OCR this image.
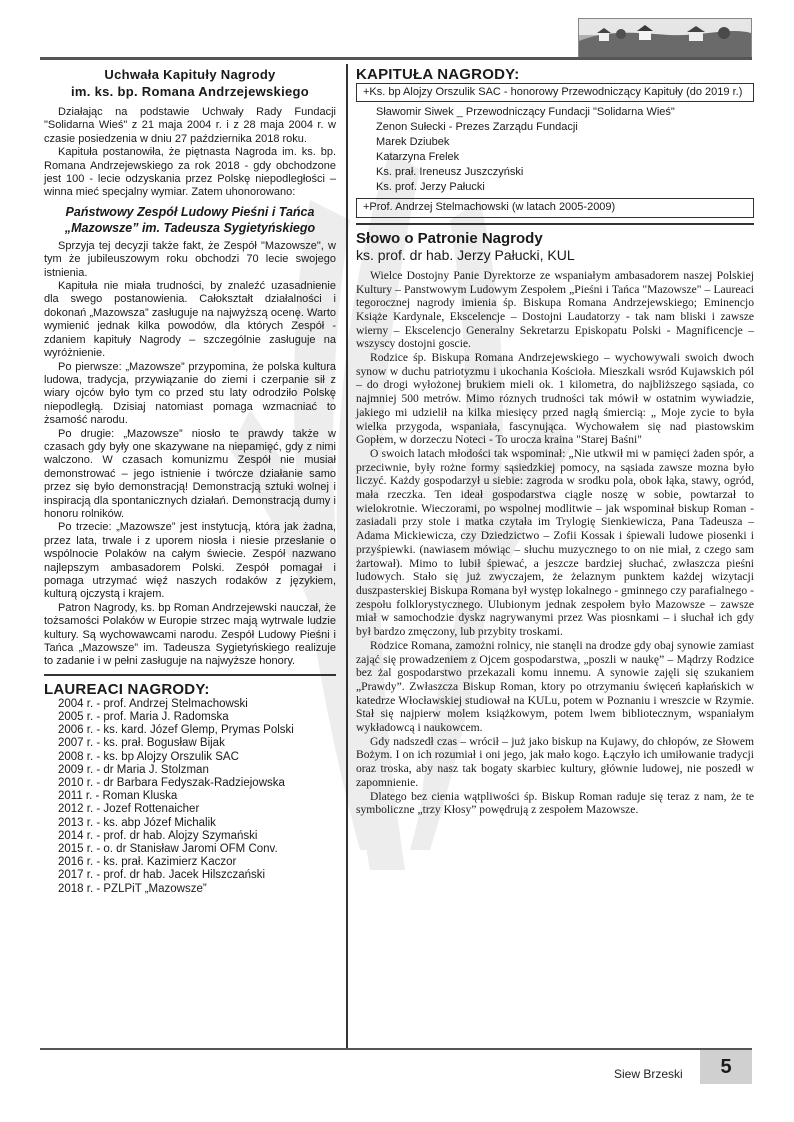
Uchwała Kapituły Nagrody
im. ks. bp. Romana Andrzejewskiego

Działając na podstawie Uchwały Rady Fundacji "Solidarna Wieś" z 21 maja 2004 r. i z 28 maja 2004 r. w czasie posiedzenia w dniu 27 października 2018 roku.

Kapituła postanowiła, że piętnasta Nagroda im. ks. bp. Romana Andrzejewskiego za rok 2018 - gdy obchodzone jest 100 - lecie odzyskania przez Polskę niepodległości – winna mieć specjalny wymiar. Zatem uhonorowano:

Państwowy Zespół Ludowy Pieśni i Tańca
„Mazowsze” im. Tadeusza Sygietyńskiego

Sprzyja tej decyzji także fakt, że Zespół "Mazowsze", w tym że jubileuszowym roku obchodzi 70 lecie swojego istnienia.

Kapituła nie miała trudności, by znaleźć uzasadnienie dla swego postanowienia. Całokształt działalności i dokonań „Mazowsza” zasługuje na najwyższą ocenę. Warto wymienić jednak kilka powodów, dla których Zespół - zdaniem kapituły Nagrody – szczególnie zasługuje na wyróżnienie.

Po pierwsze: „Mazowsze” przypomina, że polska kultura ludowa, tradycja, przywiązanie do ziemi i czerpanie sił z wiary ojców było tym co przed stu laty odrodziło Polskę niepodległą. Dzisiaj natomiast pomaga wzmacniać to żsamość narodu.

Po drugie: „Mazowsze” niosło te prawdy także w czasach gdy były one skazywane na niepamięć, gdy z nimi walczono. W czasach komunizmu Zespół nie musiał demonstrować – jego istnienie i twórcze działanie samo przez się było demonstracją! Demonstracją sztuki wolnej i inspiracją dla spontanicznych działań. Demonstracją dumy i honoru rolników.

Po trzecie: „Mazowsze” jest instytucją, która jak żadna, przez lata, trwale i z uporem niosła i niesie przesłanie o wspólnocie Polaków na całym świecie. Zespół nazwano najlepszym ambasadorem Polski. Zespół pomagał i pomaga utrzymać więź naszych rodaków z językiem, kulturą ojczystą i krajem.

Patron Nagrody, ks. bp Roman Andrzejewski nauczał, że tożsamości Polaków w Europie strzec mają wytrwale ludzie kultury. Są wychowawcami narodu. Zespół Ludowy Pieśni i Tańca „Mazowsze” im. Tadeusza Sygietyńskiego realizuje to zadanie i w pełni zasługuje na najwyższe honory.

LAUREACI NAGRODY:
2004 r. - prof. Andrzej Stelmachowski
2005 r. - prof. Maria J. Radomska
2006 r. - ks. kard. Józef Glemp, Prymas Polski
2007 r. - ks. prał. Bogusław Bijak
2008 r. - ks. bp Alojzy Orszulik SAC
2009 r. - dr Maria J. Stolzman
2010 r. - dr Barbara Fedyszak-Radziejowska
2011 r. - Roman Kluska
2012 r. - Jozef Rottenaicher
2013 r. - ks. abp Józef Michalik
2014 r. - prof. dr hab. Alojzy Szymański
2015 r. - o. dr Stanisław Jaromi OFM Conv.
2016 r. - ks. prał. Kazimierz Kaczor
2017 r. - prof. dr hab. Jacek Hilszczański
2018 r. - PZLPiT „Mazowsze”
KAPITUŁA NAGRODY:
+Ks. bp Alojzy Orszulik SAC - honorowy Przewodniczący Kapituły (do 2019 r.)
Sławomir Siwek _ Przewodniczący Fundacji "Solidarna Wieś"
Zenon Sułecki - Prezes Zarządu Fundacji
Marek Dziubek
Katarzyna Frelek
Ks. prał. Ireneusz Juszczyński
Ks. prof. Jerzy Pałucki
+Prof. Andrzej Stelmachowski (w latach 2005-2009)
Słowo o Patronie Nagrody
ks. prof. dr hab. Jerzy Pałucki, KUL

Wielce Dostojny Panie Dyrektorze ze wspaniałym ambasadorem naszej Polskiej Kultury – Panstwowym Ludowym Zespołem „Pieśni i Tańca "Mazowsze" – Laureaci tegorocznej nagrody imienia śp. Biskupa Romana Andrzejewskiego; Eminencjo Książe Kardynale, Ekscelencje – Dostojni Laudatorzy - tak nam bliski i zawsze wierny – Ekscelencjo Generalny Sekretarzu Episkopatu Polski - Magnificencje – wszyscy dostojni goscie.

Rodzice śp. Biskupa Romana Andrzejewskiego – wychowywali swoich dwoch synow w duchu patriotyzmu i ukochania Kościoła. Mieszkali wsród Kujawskich pól – do drogi wyłożonej brukiem mieli ok. 1 kilometra, do najbliższego sąsiada, co najmniej 500 metrów. Mimo róznych trudności tak mówił w ostatnim wywiadzie, jakiego mi udzielił na kilka miesięcy przed nagłą śmiercią: „ Moje zycie to była wielka przygoda, wspaniała, fascynująca. Wychowałem się nad piastowskim Gopłem, w dorzeczu Noteci - To urocza kraina "Starej Baśni"

O swoich latach młodości tak wspominał: „Nie utkwił mi w pamięci żaden spór, a przeciwnie, były rożne formy sąsiedzkiej pomocy, na sąsiada zawsze mozna było liczyć. Każdy gospodarzył u siebie: zagroda w srodku pola, obok łąka, stawy, ogród, mała rzeczka. Ten ideał gospodarstwa ciągle noszę w sobie, powtarzał to wielokrotnie. Wieczorami, po wspolnej modlitwie – jak wspominał biskup Roman - zasiadali przy stole i matka czytała im Trylogię Sienkiewicza, Pana Tadeusza – Adama Mickiewicza, czy Dziedzictwo – Zofii Kossak i śpiewali ludowe piosenki i przyśpiewki. (nawiasem mówiąc – słuchu muzycznego to on nie miał, z czego sam żartował). Mimo to lubił śpiewać, a jeszcze bardziej słuchać, zwłaszcza pieśni ludowych. Stało się już zwyczajem, że żelaznym punktem każdej wizytacji duszpasterskiej Biskupa Romana był występ lokalnego - gminnego czy parafialnego - zespołu folklorystycznego. Ulubionym jednak zespołem było Mazowsze – zawsze miał w samochodzie dyskz nagrywanymi przez Was piosnkami – i słuchał ich gdy był bardzo zmęczony, lub przybity troskami.

Rodzice Romana, zamożni rolnicy, nie stanęli na drodze gdy obaj synowie zamiast zająć się prowadzeniem z Ojcem gospodarstwa, „poszli w naukę” – Mądrzy Rodzice bez żal gospodarstwo przekazali komu innemu. A synowie zajęli się szukaniem „Prawdy”. Zwłaszcza Biskup Roman, ktory po otrzymaniu święceń kapłańskich w katedrze Włocławskiej studiował na KULu, potem w Poznaniu i wreszcie w Rzymie. Stał się najpierw molem książkowym, potem lwem bibliotecznym, wspaniałym wykładowcą i naukowcem.

Gdy nadszedł czas – wrócił – już jako biskup na Kujawy, do chłopów, ze Słowem Bożym. I on ich rozumiał i oni jego, jak mało kogo. Łączyło ich umiłowanie tradycji oraz troska, aby nasz tak bogaty skarbiec kultury, głównie ludowej, nie poszedł w zapomnienie.

Dlatego bez cienia wątpliwości śp. Biskup Roman raduje się teraz z nam, że te symboliczne „trzy Kłosy” powędrują z zespołem Mazowsze.

Siew Brzeski	5
